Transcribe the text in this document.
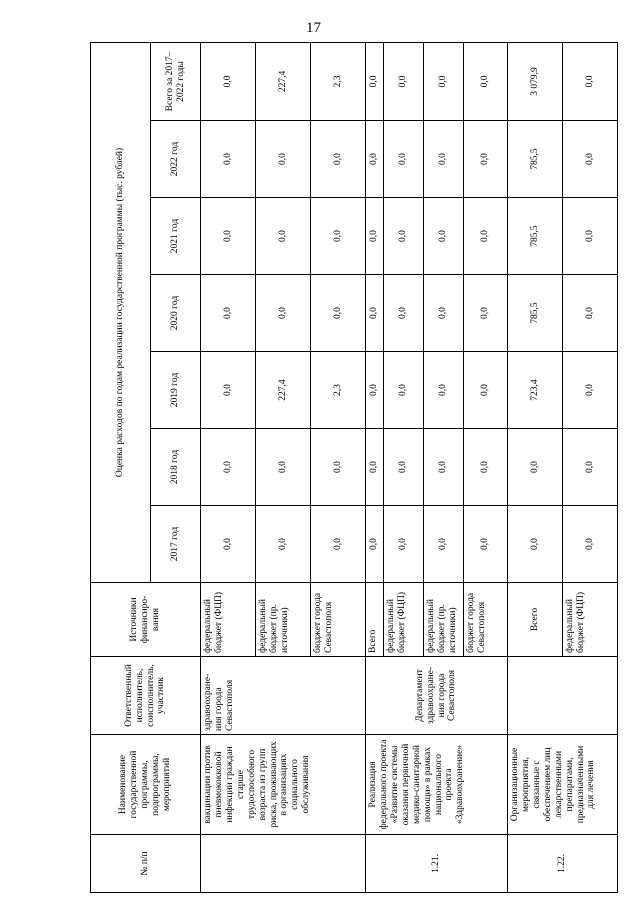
17
№ п/п	Наименование государственной программы, подпрограммы, мероприятий	Ответственный исполнитель, соисполнитель, участник	Источники финансиро-вания	Оценка расходов по годам реализации государственной программы (тыс. рублей)						
				2017 год	2018 год	2019 год	2020 год	2021 год	2022 год	Всего за 2017–2022 годы
	вакцинации против пневмококковой инфекции граждан старше трудоспособного возраста из групп риска, проживающих в организациях социального обслуживания	здравоохране-ния города Севастополя	федеральный бюджет (ФЦП)	0,0	0,0	0,0	0,0	0,0	0,0	0,0
			федеральный бюджет (пр. источники)	0,0	0,0	227,4	0,0	0,0	0,0	227,4
			бюджет города Севастополя	0,0	0,0	2,3	0,0	0,0	0,0	2,3
1.21.	Реализация федерального проекта «Развитие системы оказания первичной медико-санитарной помощи» в рамках национального проекта «Здравоохранение»	Департамент здравоохране-ния города Севастополя	Всего	0,0	0,0	0,0	0,0	0,0	0,0	0,0
			федеральный бюджет (ФЦП)	0,0	0,0	0,0	0,0	0,0	0,0	0,0
			федеральный бюджет (пр. источники)	0,0	0,0	0,0	0,0	0,0	0,0	0,0
			бюджет города Севастополя	0,0	0,0	0,0	0,0	0,0	0,0	0,0
1.22.	Организационные мероприятия, связанные с обеспечением лиц лекарственными препаратами, предназначенными для лечения		Всего	0,0	0,0	723,4	785,5	785,5	785,5	3 079,9
			федеральный бюджет (ФЦП)	0,0	0,0	0,0	0,0	0,0	0,0	0,0
